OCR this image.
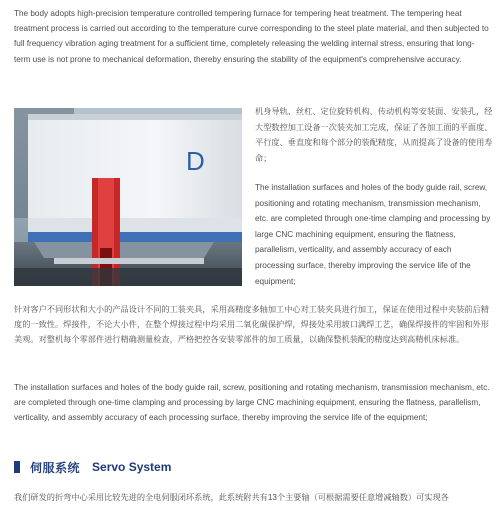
The body adopts high-precision temperature controlled tempering furnace for tempering heat treatment. The tempering heat treatment process is carried out according to the temperature curve corresponding to the steel plate material, and then subjected to full frequency vibration aging treatment for a sufficient time, completely releasing the welding internal stress, ensuring that long-term use is not prone to mechanical deformation, thereby ensuring the stability of the equipment's comprehensive accuracy.

D

机身导轨、丝杠、定位旋转机构、传动机构等安装面、安装孔，经大型数控加工设备一次装夹加工完成，保证了各加工面的平面度、平行度、垂直度和每个部分的装配精度，从而提高了设备的使用寿命；

The installation surfaces and holes of the body guide rail, screw, positioning and rotating mechanism, transmission mechanism, etc. are completed through one-time clamping and processing by large CNC machining equipment, ensuring the flatness, parallelism, verticality, and assembly accuracy of each processing surface, thereby improving the service life of the equipment;

针对客户不同形状和大小的产品设计不同的工装夹具，采用高精度多轴加工中心对工装夹具进行加工，保证在使用过程中夹装前后精度的一致性。焊接件，不论大小件，在整个焊接过程中均采用二氧化碳保护焊，焊接处采用坡口满焊工艺，确保焊接件的牢固和外形美观。对整机每个零部件进行精确测量检查，严格把控各安装零部件的加工质量，以确保整机装配的精度达到高精机床标准。

The installation surfaces and holes of the body guide rail, screw, positioning and rotating mechanism, transmission mechanism, etc. are completed through one-time clamping and processing by large CNC machining equipment, ensuring the flatness, parallelism, verticality, and assembly accuracy of each processing surface, thereby improving the service life of the equipment;

伺服系统 Servo System

我们研发的折弯中心采用比较先进的全电伺服闭环系统，此系统附共有13个主要轴（可根据需要任意增减轴数）可实现各
